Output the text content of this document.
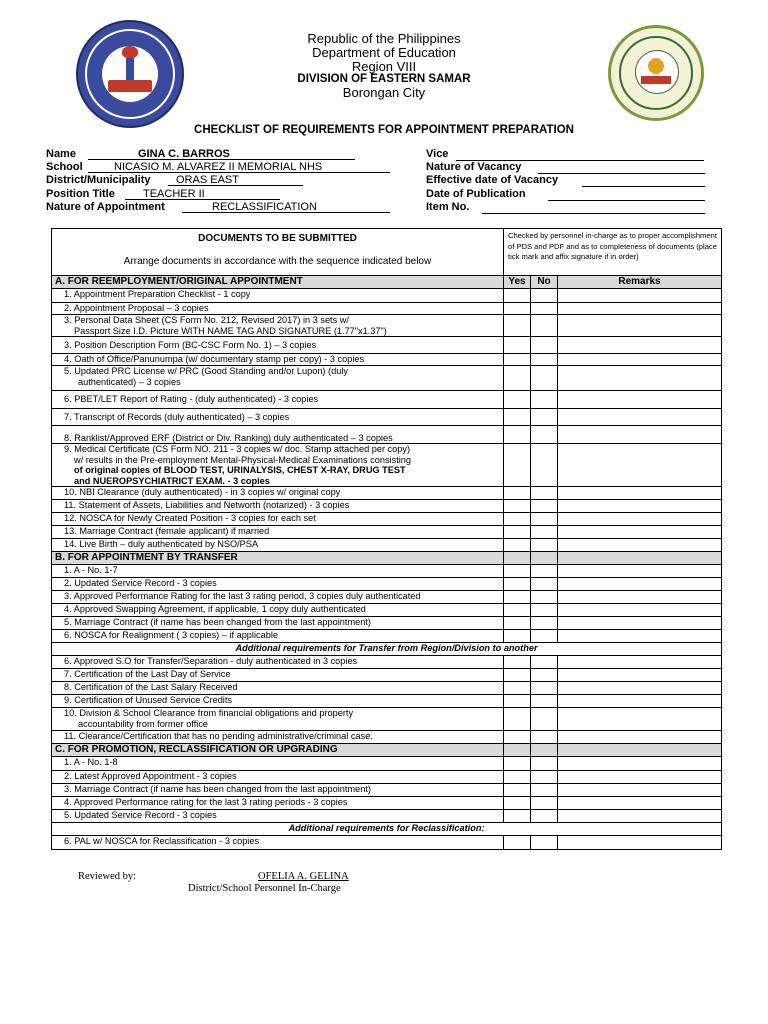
Republic of the Philippines
Department of Education
Region VIII
DIVISION OF EASTERN SAMAR
Borongan City
CHECKLIST OF REQUIREMENTS FOR APPOINTMENT PREPARATION
Name	GINA C. BARROS
School	NICASIO M. ALVAREZ II MEMORIAL NHS
District/Municipality	ORAS EAST
Position Title	TEACHER II
Nature of Appointment	RECLASSIFICATION
Vice
Nature of Vacancy
Effective date of Vacancy
Date of Publication
Item No.
DOCUMENTS TO BE SUBMITTED
Arrange documents in accordance with the sequence indicated below	Checked by personnel in-charge as to proper accomplishment of PDS and PDF and as to completeness of documents (place tick mark and affix signature if in order)		
A. FOR REEMPLOYMENT/ORIGINAL APPOINTMENT	Yes	No	Remarks
1. Appointment Preparation Checklist - 1 copy			
2. Appointment Proposal – 3 copies			

3. Personal Data Sheet (CS Form No. 212, Revised 2017) in 3 sets w/
Passport Size I.D. Picture WITH NAME TAG AND SIGNATURE (1.77"x1.37")			

3. Position Description Form (BC-CSC Form No. 1) – 3 copies			
4. Oath of Office/Panunumpa (w/ documentary stamp per copy) - 3 copies			

5. Updated PRC License w/ PRC (Good Standing and/or Lupon) (duly
authenticated) – 3 copies			

6. PBET/LET Report of Rating - (duly authenticated) - 3 copies			
7. Transcript of Records (duly authenticated) – 3 copies			
8. Ranklist/Approved ERF (District or Div. Ranking) duly authenticated – 3 copies			

9. Medical Certificate (CS Form NO. 211 - 3 copies w/ doc. Stamp attached per copy)
w/ results in the Pre-employment Mental-Physical-Medical Examinations consisting
of original copies of BLOOD TEST, URINALYSIS, CHEST X-RAY, DRUG TEST
and NUEROPSYCHIATRICT EXAM. - 3 copies			

10. NBI Clearance (duly authenticated) - in 3 copies w/ original copy			
11. Statement of Assets, Liabilities and Networth (notarized) - 3 copies			
12. NOSCA for Newly Created Position - 3 copies for each set			
13. Marriage Contract (female applicant) if married			
14. Live Birth – duly authenticated by NSO/PSA			
B. FOR APPOINTMENT BY TRANSFER			
1. A - No. 1-7			
2. Updated Service Record - 3 copies			
3. Approved Performance Rating for the last 3 rating period, 3 copies duly authenticated			
4. Approved Swapping Agreement, if applicable, 1 copy duly authenticated			
5. Marriage Contract (if name has been changed from the last appointment)			
6. NOSCA for Realignment ( 3 copies) – if applicable			
Additional requirements for Transfer from Region/Division to another			
6. Approved S.O for Transfer/Separation - duly authenticated in 3 copies			
7. Certification of the Last Day of Service			
8. Certification of the Last Salary Received			
9. Certification of Unused Service Credits			

10. Division & School Clearance from financial obligations and property
accountability from former office			

11. Clearance/Certification that has no pending administrative/criminal case.			
C. FOR PROMOTION, RECLASSIFICATION OR UPGRADING			
1. A - No. 1-8			
2. Latest Approved Appointment - 3 copies			
3. Marriage Contract (if name has been changed from the last appointment)			
4. Approved Performance rating for the last 3 rating periods - 3 copies			
5. Updated Service Record - 3 copies			
Additional requirements for Reclassification:			
6. PAL w/ NOSCA for Reclassification - 3 copies			
Reviewed by:	OFELIA A. GELINA
District/School Personnel In-Charge
